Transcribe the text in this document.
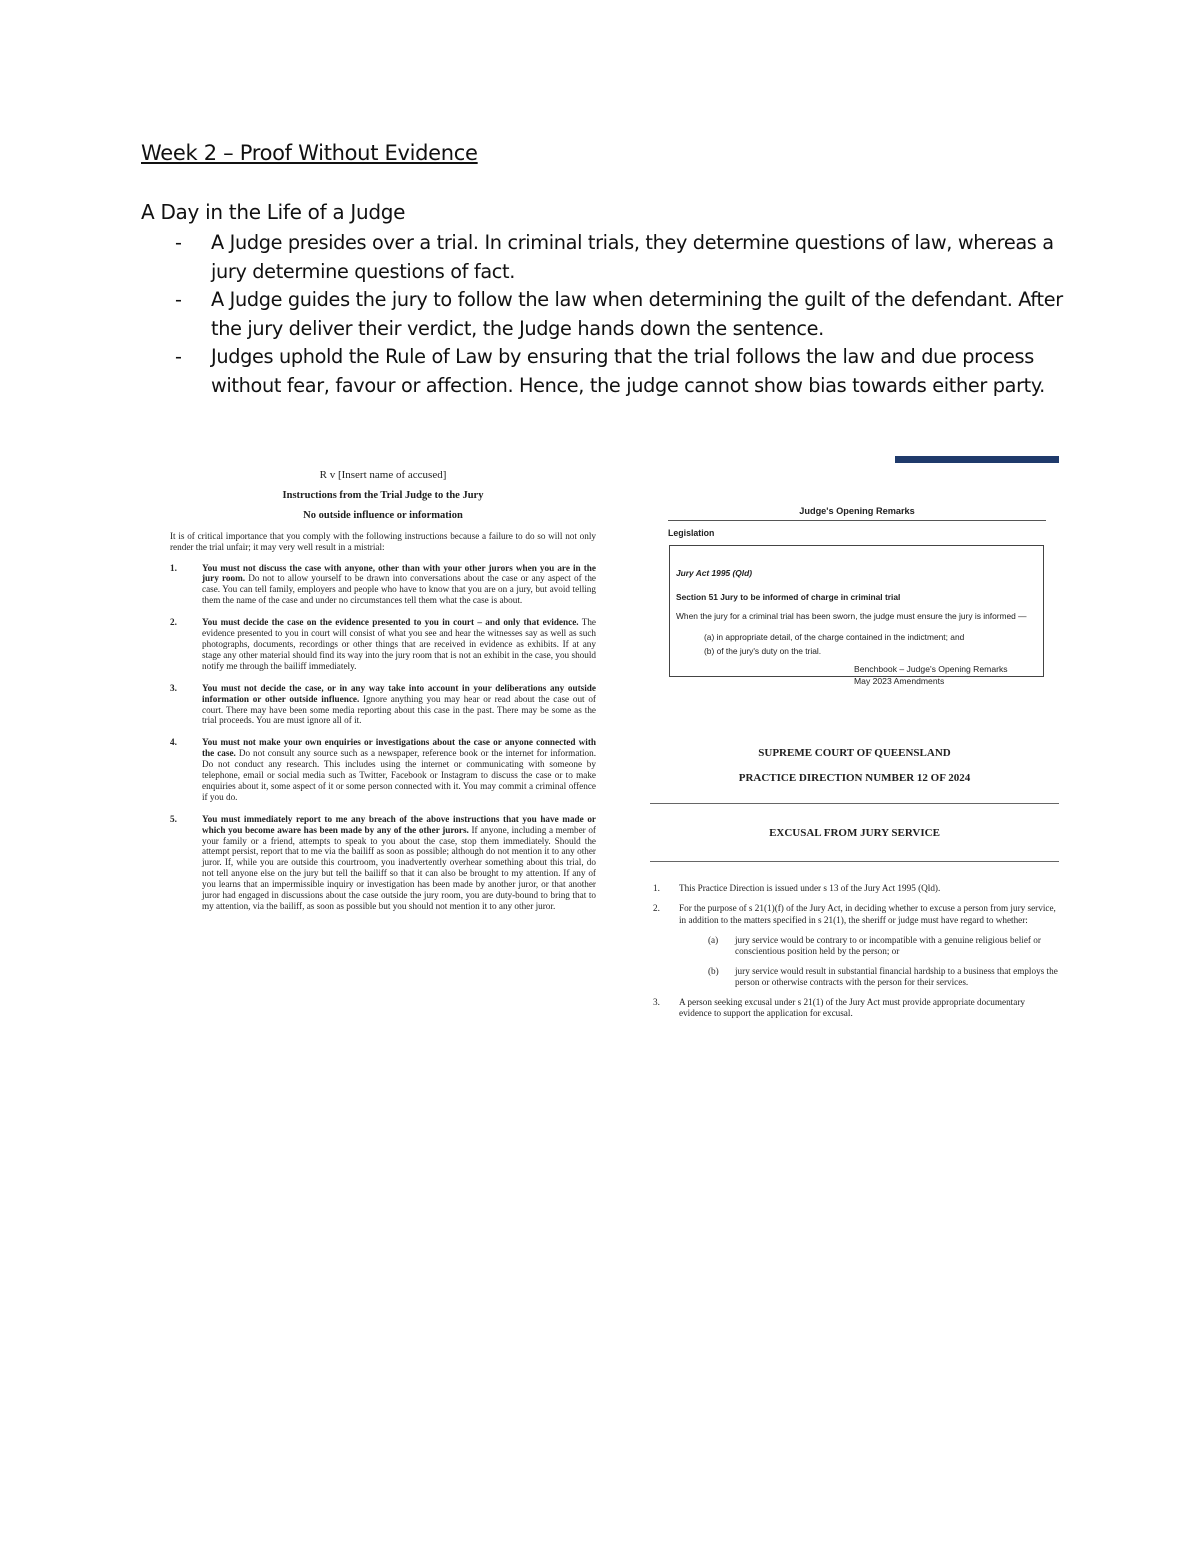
Week 2 – Proof Without Evidence
A Day in the Life of a Judge
- A Judge presides over a trial. In criminal trials, they determine questions of law, whereas a jury determine questions of fact.
- A Judge guides the jury to follow the law when determining the guilt of the defendant. After the jury deliver their verdict, the Judge hands down the sentence.
- Judges uphold the Rule of Law by ensuring that the trial follows the law and due process without fear, favour or affection. Hence, the judge cannot show bias towards either party.
R v [Insert name of accused]
Instructions from the Trial Judge to the Jury
No outside influence or information
It is of critical importance that you comply with the following instructions because a failure to do so will not only render the trial unfair; it may very well result in a mistrial:
1.	You must not discuss the case with anyone, other than with your other jurors when you are in the jury room. Do not to allow yourself to be drawn into conversations about the case or any aspect of the case. You can tell family, employers and people who have to know that you are on a jury, but avoid telling them the name of the case and under no circumstances tell them what the case is about.
2.	You must decide the case on the evidence presented to you in court – and only that evidence. The evidence presented to you in court will consist of what you see and hear the witnesses say as well as such photographs, documents, recordings or other things that are received in evidence as exhibits. If at any stage any other material should find its way into the jury room that is not an exhibit in the case, you should notify me through the bailiff immediately.
3.	You must not decide the case, or in any way take into account in your deliberations any outside information or other outside influence. Ignore anything you may hear or read about the case out of court. There may have been some media reporting about this case in the past. There may be some as the trial proceeds. You are must ignore all of it.
4.	You must not make your own enquiries or investigations about the case or anyone connected with the case. Do not consult any source such as a newspaper, reference book or the internet for information. Do not conduct any research. This includes using the internet or communicating with someone by telephone, email or social media such as Twitter, Facebook or Instagram to discuss the case or to make enquiries about it, some aspect of it or some person connected with it. You may commit a criminal offence if you do.
5.	You must immediately report to me any breach of the above instructions that you have made or which you become aware has been made by any of the other jurors. If anyone, including a member of your family or a friend, attempts to speak to you about the case, stop them immediately. Should the attempt persist, report that to me via the bailiff as soon as possible; although do not mention it to any other juror. If, while you are outside this courtroom, you inadvertently overhear something about this trial, do not tell anyone else on the jury but tell the bailiff so that it can also be brought to my attention. If any of you learns that an impermissible inquiry or investigation has been made by another juror, or that another juror had engaged in discussions about the case outside the jury room, you are duty-bound to bring that to my attention, via the bailiff, as soon as possible but you should not mention it to any other juror.
Judge's Opening Remarks
Legislation
Jury Act 1995 (Qld)
Section 51 Jury to be informed of charge in criminal trial
When the jury for a criminal trial has been sworn, the judge must ensure the jury is informed —
(a) in appropriate detail, of the charge contained in the indictment; and
(b) of the jury's duty on the trial.
Benchbook – Judge's Opening Remarks
May 2023 Amendments
SUPREME COURT OF QUEENSLAND
PRACTICE DIRECTION NUMBER 12 OF 2024
EXCUSAL FROM JURY SERVICE
1. This Practice Direction is issued under s 13 of the Jury Act 1995 (Qld).
2. For the purpose of s 21(1)(f) of the Jury Act, in deciding whether to excuse a person from jury service, in addition to the matters specified in s 21(1), the sheriff or judge must have regard to whether:
(a) jury service would be contrary to or incompatible with a genuine religious belief or conscientious position held by the person; or
(b) jury service would result in substantial financial hardship to a business that employs the person or otherwise contracts with the person for their services.
3. A person seeking excusal under s 21(1) of the Jury Act must provide appropriate documentary evidence to support the application for excusal.
